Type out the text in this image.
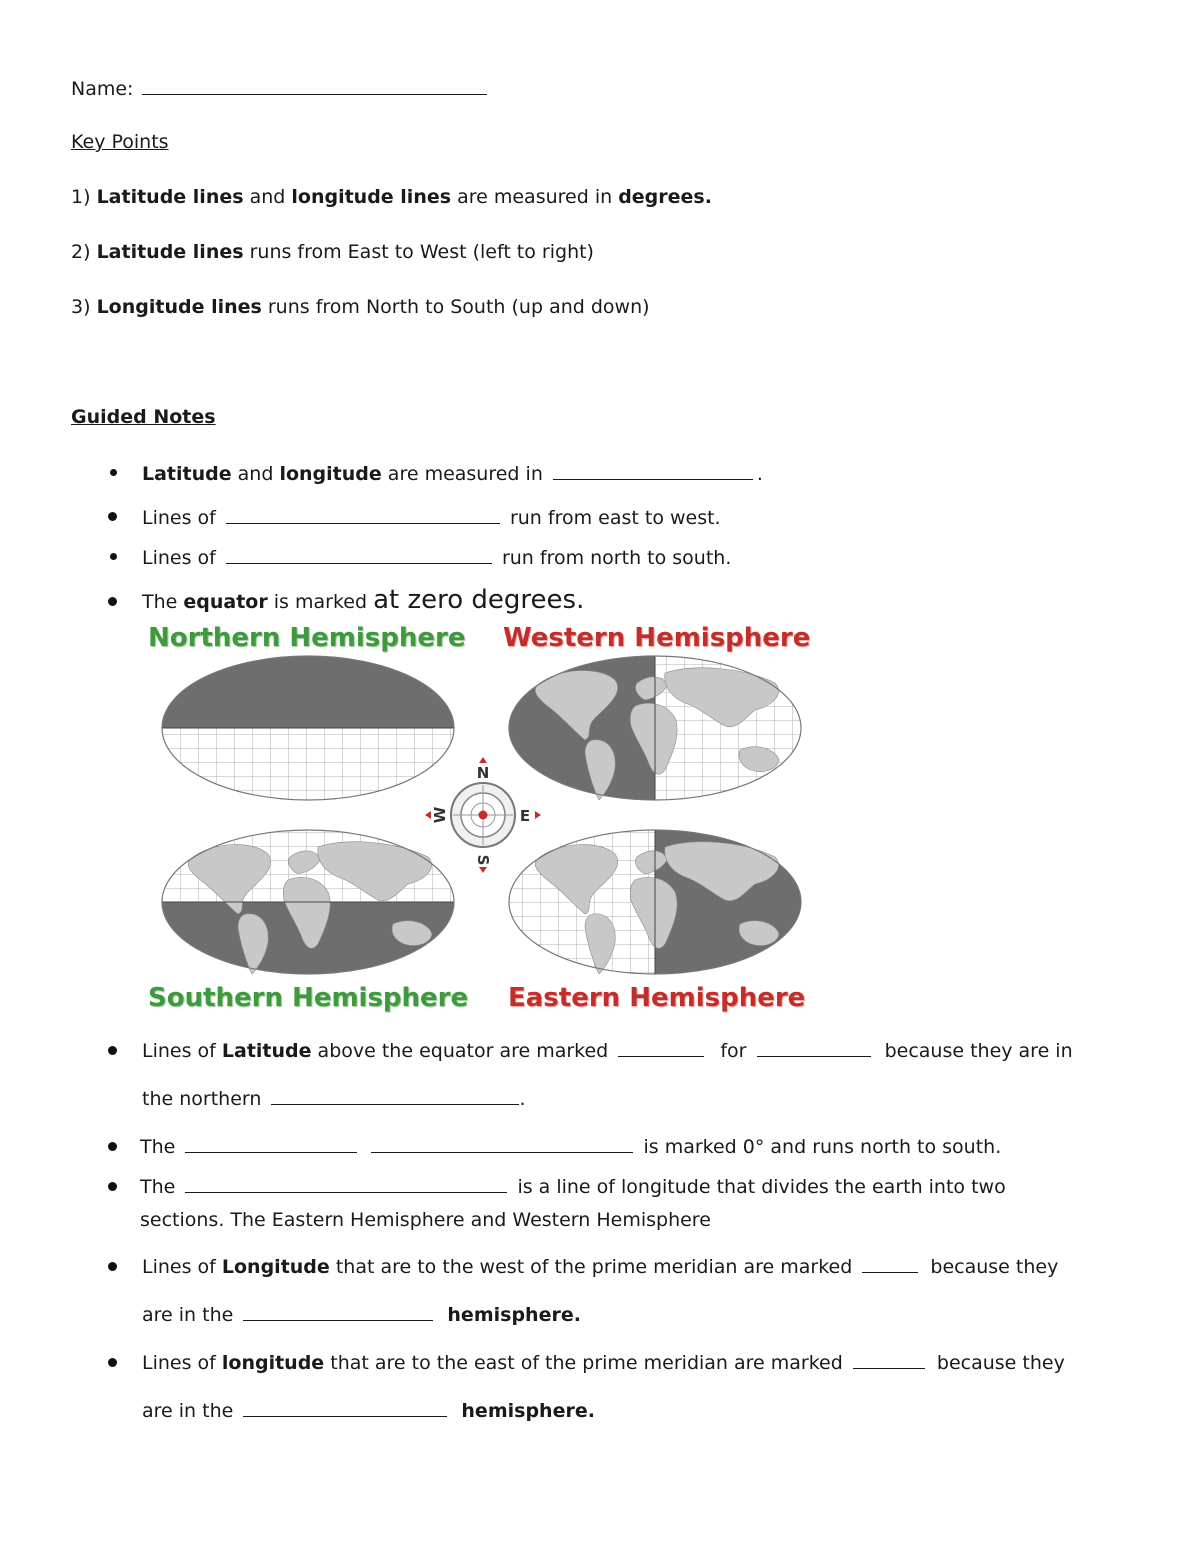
Name:
Key Points
1) Latitude lines and longitude lines are measured in degrees.
2) Latitude lines runs from East to West (left to right)
3) Longitude lines runs from North to South (up and down)
Guided Notes
Latitude and longitude are measured in	.
Lines of	run from east to west.
Lines of	run from north to south.
The equator is marked at zero degrees.
Northern Hemisphere Western Hemisphere
Southern Hemisphere Eastern Hemisphere
N
S
E
W
Lines of Latitude above the equator are marked	for	because they are in
the northern	.
The	is marked 0° and runs north to south.
The	is a line of longitude that divides the earth into two
sections. The Eastern Hemisphere and Western Hemisphere
Lines of Longitude that are to the west of the prime meridian are marked	because they
are in the	hemisphere.
Lines of longitude that are to the east of the prime meridian are marked	because they
are in the	hemisphere.
